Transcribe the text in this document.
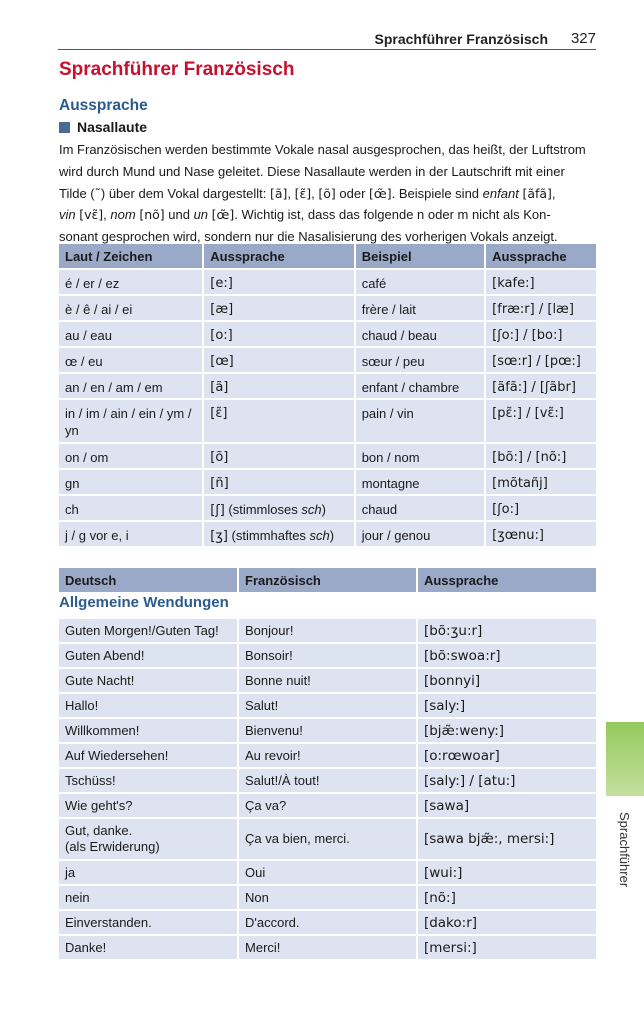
Sprachführer Französisch 327
Sprachführer Französisch
Aussprache
Nasallaute
Im Französischen werden bestimmte Vokale nasal ausgesprochen, das heißt, der Luftstrom
wird durch Mund und Nase geleitet. Diese Nasallaute werden in der Lautschrift mit einer
Tilde (˜) über dem Vokal dargestellt: [ã], [ɛ̃], [õ] oder [œ̃]. Beispiele sind enfant [ãfã],
vin [vɛ̃], nom [nõ] und un [œ̃]. Wichtig ist, dass das folgende n oder m nicht als Kon-
sonant gesprochen wird, sondern nur die Nasalisierung des vorherigen Vokals anzeigt.
Laut / Zeichen	Aussprache	Beispiel	Aussprache
é / er / ez	[e:]	café	[kafe:]
è / ê / ai / ei	[æ]	frère / lait	[fræ:r] / [læ]
au / eau	[o:]	chaud / beau	[ʃo:] / [bo:]
œ / eu	[œ]	sœur / peu	[sœ:r] / [pœ:]
an / en / am / em	[ã]	enfant / chambre	[ãfã:] / [ʃãbr]
in / im / ain / ein / ym / yn	[ɛ̃]	pain / vin	[pɛ̃:] / [vɛ̃:]
on / om	[õ]	bon / nom	[bõ:] / [nõ:]
gn	[ñ]	montagne	[mõtañj]
ch	[ʃ] (stimmloses sch)	chaud	[ʃo:]
j / g vor e, i	[ʒ] (stimmhaftes sch)	jour / genou	[ʒœnu:]
Deutsch	Französisch	Aussprache
Allgemeine Wendungen
Guten Morgen!/Guten Tag!	Bonjour!	[bõ:ʒu:r]
Guten Abend!	Bonsoir!	[bõ:swoa:r]
Gute Nacht!	Bonne nuit!	[bonnyi]
Hallo!	Salut!	[saly:]
Willkommen!	Bienvenu!	[bjæ̃:weny:]
Auf Wiedersehen!	Au revoir!	[o:rœwoar]
Tschüss!	Salut!/À tout!	[saly:] / [atu:]
Wie geht's?	Ça va?	[sawa]

Gut, danke.
(als Erwiderung)	Ça va bien, merci.	[sawa bjæ̃:, mersi:]
ja	Oui	[wui:]
nein	Non	[nõ:]
Einverstanden.	D'accord.	[dako:r]
Danke!	Merci!	[mersi:]
Sprachführer
